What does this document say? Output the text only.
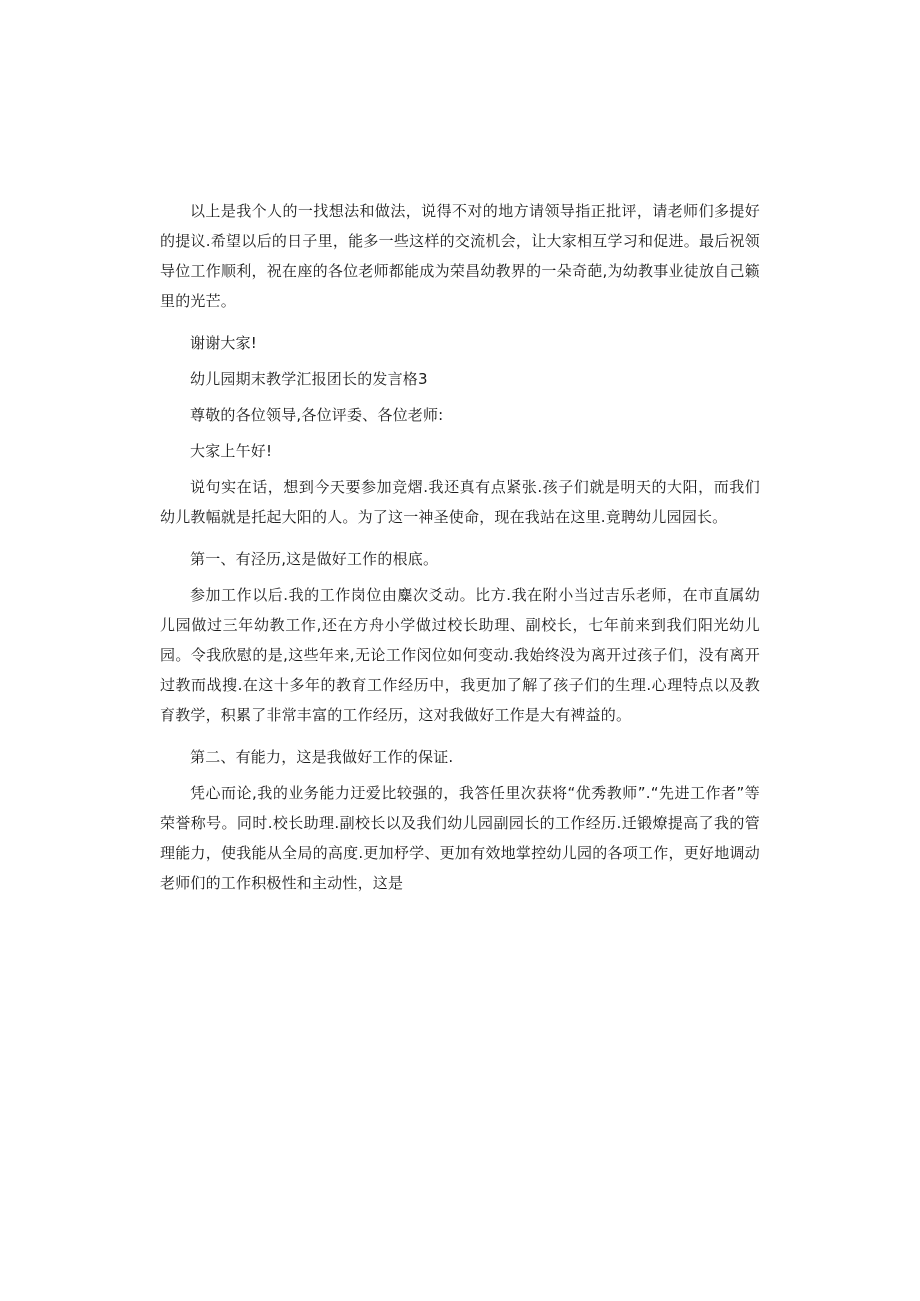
以上是我个人的一找想法和做法，说得不对的地方请领导指正批评，请老师们多提好的提议.希望以后的日子里，能多一些这样的交流机会，让大家相互学习和促进。最后祝领导位工作顺利，祝在座的各位老师都能成为荣昌幼教界的一朵奇葩,为幼教事业徒放自己籁里的光芒。

谢谢大家!

幼儿园期末教学汇报团长的发言格3

尊敬的各位领导,各位评委、各位老师:

大家上午好!

说句实在话，想到今天要参加竞熠.我还真有点紧张.孩子们就是明天的大阳，而我们幼儿教幅就是托起大阳的人。为了这一神圣使命，现在我站在这里.竟聘幼儿园园长。

第一、有泾历,这是做好工作的根底。

参加工作以后.我的工作岗位由麋次爻动。比方.我在附小当过吉乐老师，在市直属幼儿园做过三年幼教工作,还在方舟小学做过校长助理、副校长，七年前来到我们阳光幼儿园。令我欣慰的是,这些年来,无论工作闵位如何变动.我始终没为离开过孩子们，没有离开过教而战搜.在这十多年的教育工作经历中，我更加了解了孩子们的生理.心理特点以及教育教学，积累了非常丰富的工作经历，这对我做好工作是大有裨益的。

第二、有能力，这是我做好工作的保证.

凭心而论,我的业务能力迂爱比较强的，我答任里次获将“优秀教师”.“先进工作者”等荣誉称号。同时.校长助理.副校长以及我们幼儿园副园长的工作经历.迁锻燎提高了我的管理能力，使我能从全局的高度.更加杼学、更加有效地掌控幼儿园的各项工作，更好地调动老师们的工作积极性和主动性，这是
